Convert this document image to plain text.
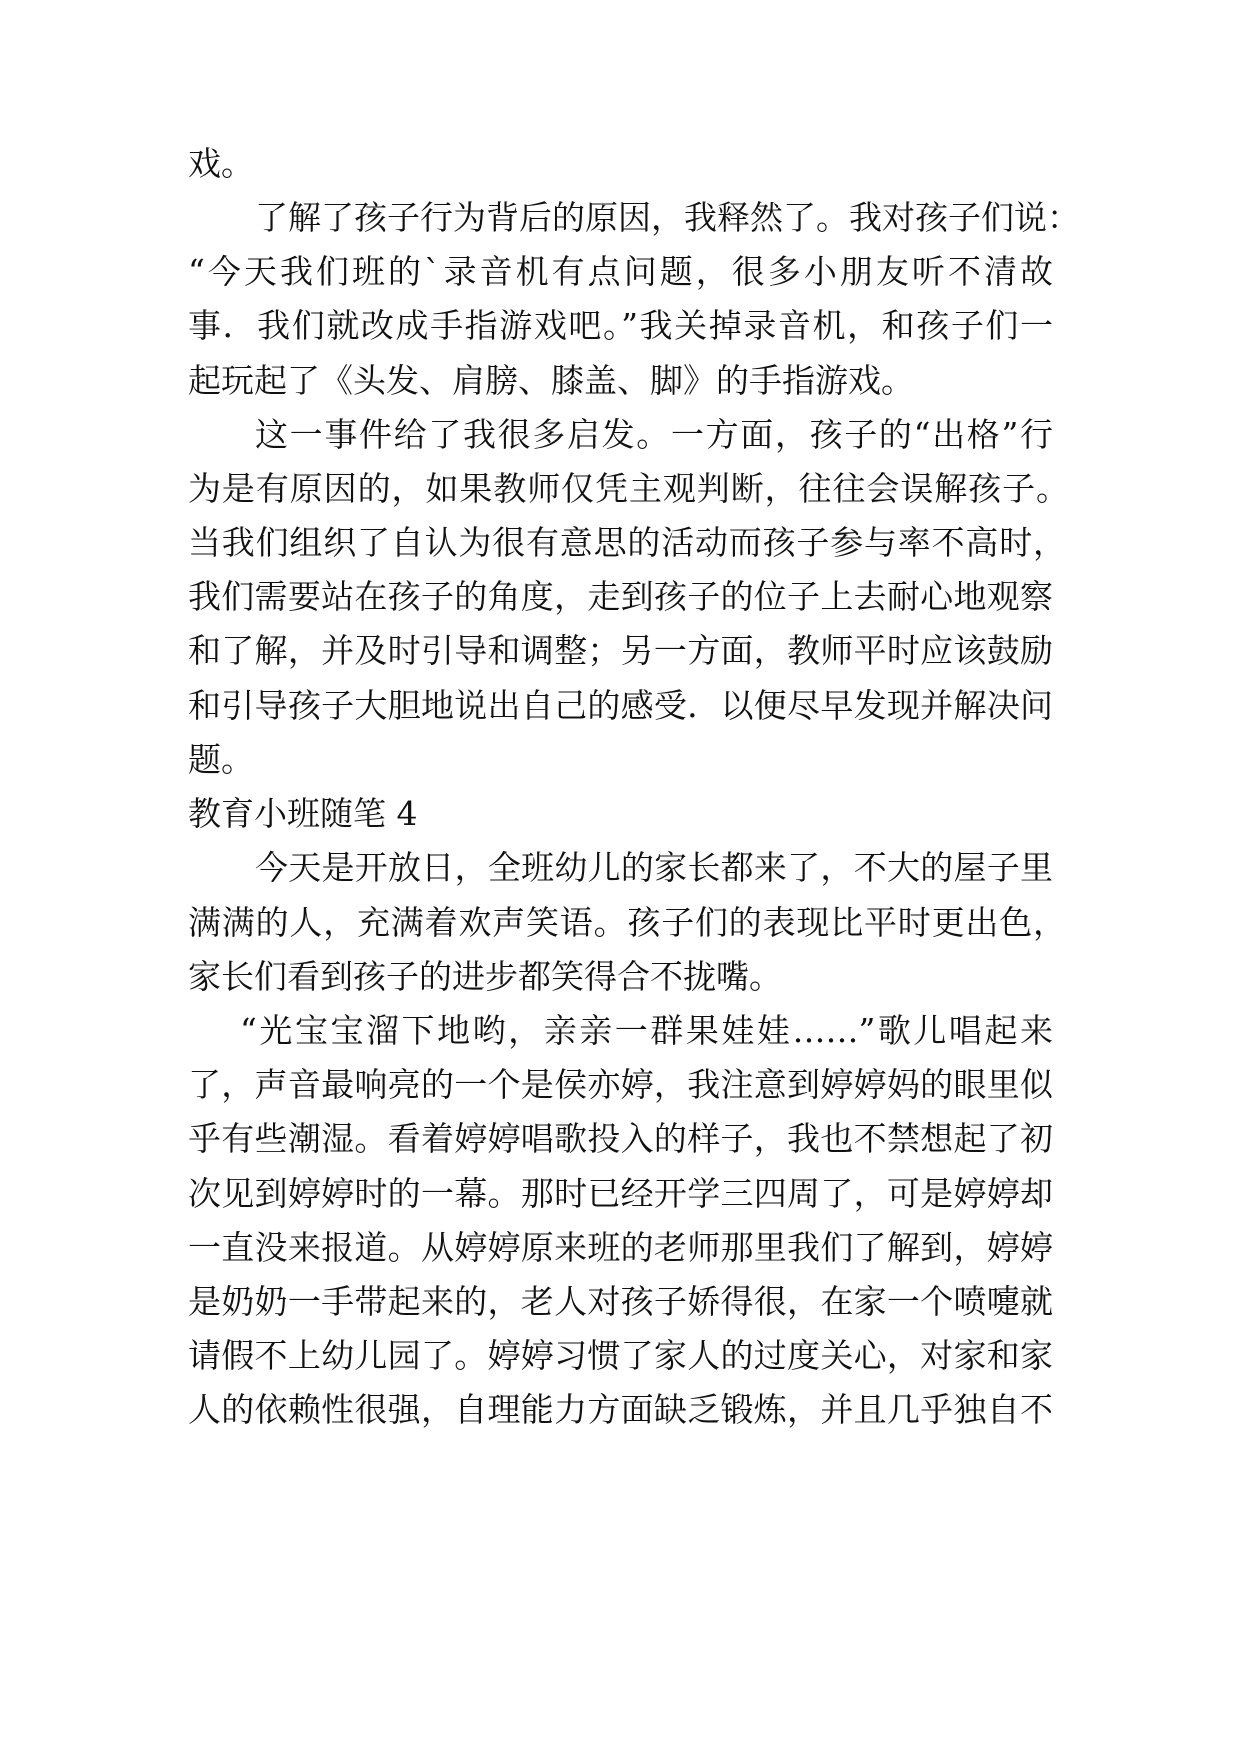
戏。
了解了孩子行为背后的原因，我释然了。我对孩子们说：
“今天我们班的`录音机有点问题，很多小朋友听不清故
事．我们就改成手指游戏吧。”我关掉录音机，和孩子们一
起玩起了《头发、肩膀、膝盖、脚》的手指游戏。
这一事件给了我很多启发。一方面，孩子的“出格”行
为是有原因的，如果教师仅凭主观判断，往往会误解孩子。
当我们组织了自认为很有意思的活动而孩子参与率不高时，
我们需要站在孩子的角度，走到孩子的位子上去耐心地观察
和了解，并及时引导和调整；另一方面，教师平时应该鼓励
和引导孩子大胆地说出自己的感受．以便尽早发现并解决问
题。
教育小班随笔 4
今天是开放日，全班幼儿的家长都来了，不大的屋子里
满满的人，充满着欢声笑语。孩子们的表现比平时更出色，
家长们看到孩子的进步都笑得合不拢嘴。
“光宝宝溜下地哟，亲亲一群果娃娃……”歌儿唱起来
了，声音最响亮的一个是侯亦婷，我注意到婷婷妈的眼里似
乎有些潮湿。看着婷婷唱歌投入的样子，我也不禁想起了初
次见到婷婷时的一幕。那时已经开学三四周了，可是婷婷却
一直没来报道。从婷婷原来班的老师那里我们了解到，婷婷
是奶奶一手带起来的，老人对孩子娇得很，在家一个喷嚏就
请假不上幼儿园了。婷婷习惯了家人的过度关心，对家和家
人的依赖性很强，自理能力方面缺乏锻炼，并且几乎独自不
